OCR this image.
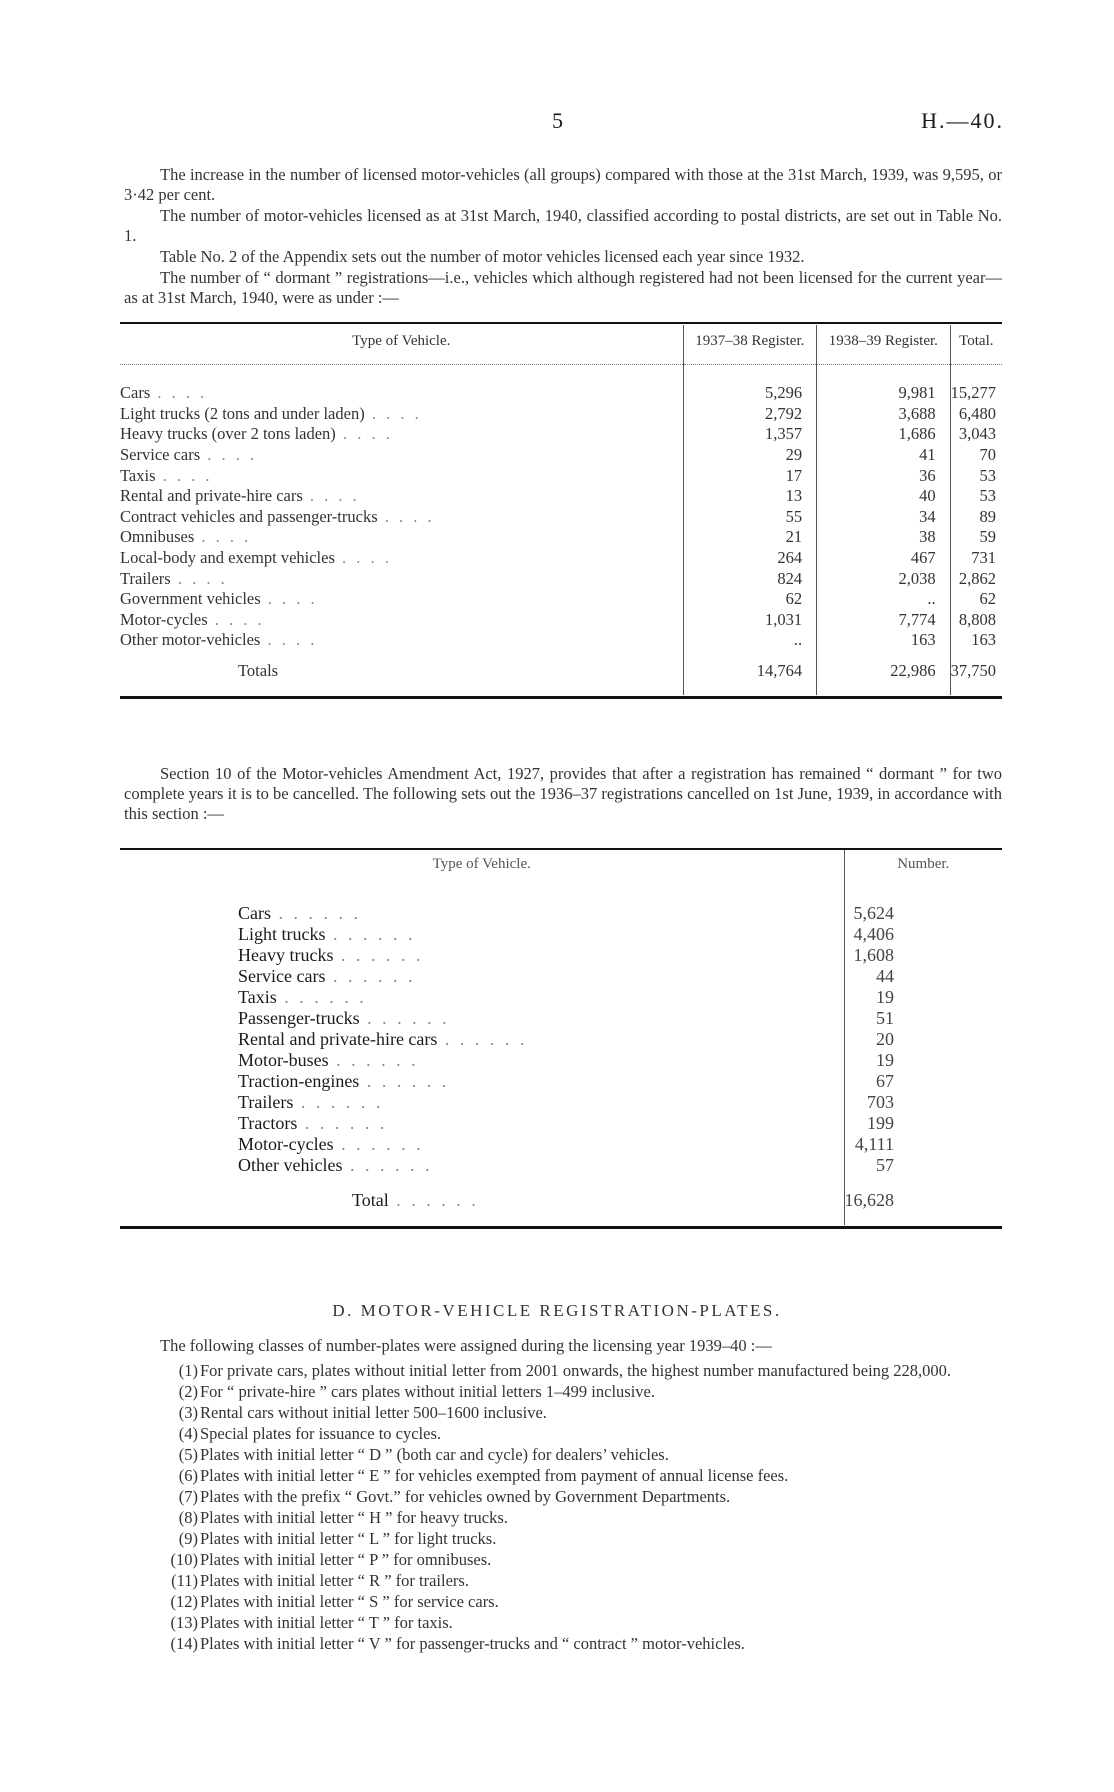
5	H.—40.

The increase in the number of licensed motor-vehicles (all groups) compared with those at the 31st March, 1939, was 9,595, or 3·42 per cent.

The number of motor-vehicles licensed as at 31st March, 1940, classified according to postal districts, are set out in Table No. 1.

Table No. 2 of the Appendix sets out the number of motor vehicles licensed each year since 1932.

The number of “ dormant ” registrations—i.e., vehicles which although registered had not been licensed for the current year—as at 31st March, 1940, were as under :—

Type of Vehicle.	1937–38 Register.	1938–39 Register.	Total.

Cars . . . .	5,296	9,981	15,277
Light trucks (2 tons and under laden) . . . .	2,792	3,688	6,480
Heavy trucks (over 2 tons laden) . . . .	1,357	1,686	3,043
Service cars . . . .	29	41	70
Taxis . . . .	17	36	53
Rental and private-hire cars . . . .	13	40	53
Contract vehicles and passenger-trucks . . . .	55	34	89
Omnibuses . . . .	21	38	59
Local-body and exempt vehicles . . . .	264	467	731
Trailers . . . .	824	2,038	2,862
Government vehicles . . . .	62	..	62
Motor-cycles . . . .	1,031	7,774	8,808
Other motor-vehicles . . . .	..	163	163
Totals	14,764	22,986	37,750

Section 10 of the Motor-vehicles Amendment Act, 1927, provides that after a registration has remained “ dormant ” for two complete years it is to be cancelled. The following sets out the 1936–37 registrations cancelled on 1st June, 1939, in accordance with this section :—

Type of Vehicle.	Number.
Cars . . . . . .	5,624
Light trucks . . . . . .	4,406
Heavy trucks . . . . . .	1,608
Service cars . . . . . .	44
Taxis . . . . . .	19
Passenger-trucks . . . . . .	51
Rental and private-hire cars . . . . . .	20
Motor-buses . . . . . .	19
Traction-engines . . . . . .	67
Trailers . . . . . .	703
Tractors . . . . . .	199
Motor-cycles . . . . . .	4,111
Other vehicles . . . . . .	57
Total . . . . . .	16,628
D. MOTOR-VEHICLE REGISTRATION-PLATES.
The following classes of number-plates were assigned during the licensing year 1939–40 :—
(1) For private cars, plates without initial letter from 2001 onwards, the highest number manufactured being 228,000.
(2) For “ private-hire ” cars plates without initial letters 1–499 inclusive.
(3) Rental cars without initial letter 500–1600 inclusive.
(4) Special plates for issuance to cycles.
(5) Plates with initial letter “ D ” (both car and cycle) for dealers’ vehicles.
(6) Plates with initial letter “ E ” for vehicles exempted from payment of annual license fees.
(7) Plates with the prefix “ Govt.” for vehicles owned by Government Departments.
(8) Plates with initial letter “ H ” for heavy trucks.
(9) Plates with initial letter “ L ” for light trucks.
(10) Plates with initial letter “ P ” for omnibuses.
(11) Plates with initial letter “ R ” for trailers.
(12) Plates with initial letter “ S ” for service cars.
(13) Plates with initial letter “ T ” for taxis.
(14) Plates with initial letter “ V ” for passenger-trucks and “ contract ” motor-vehicles.
